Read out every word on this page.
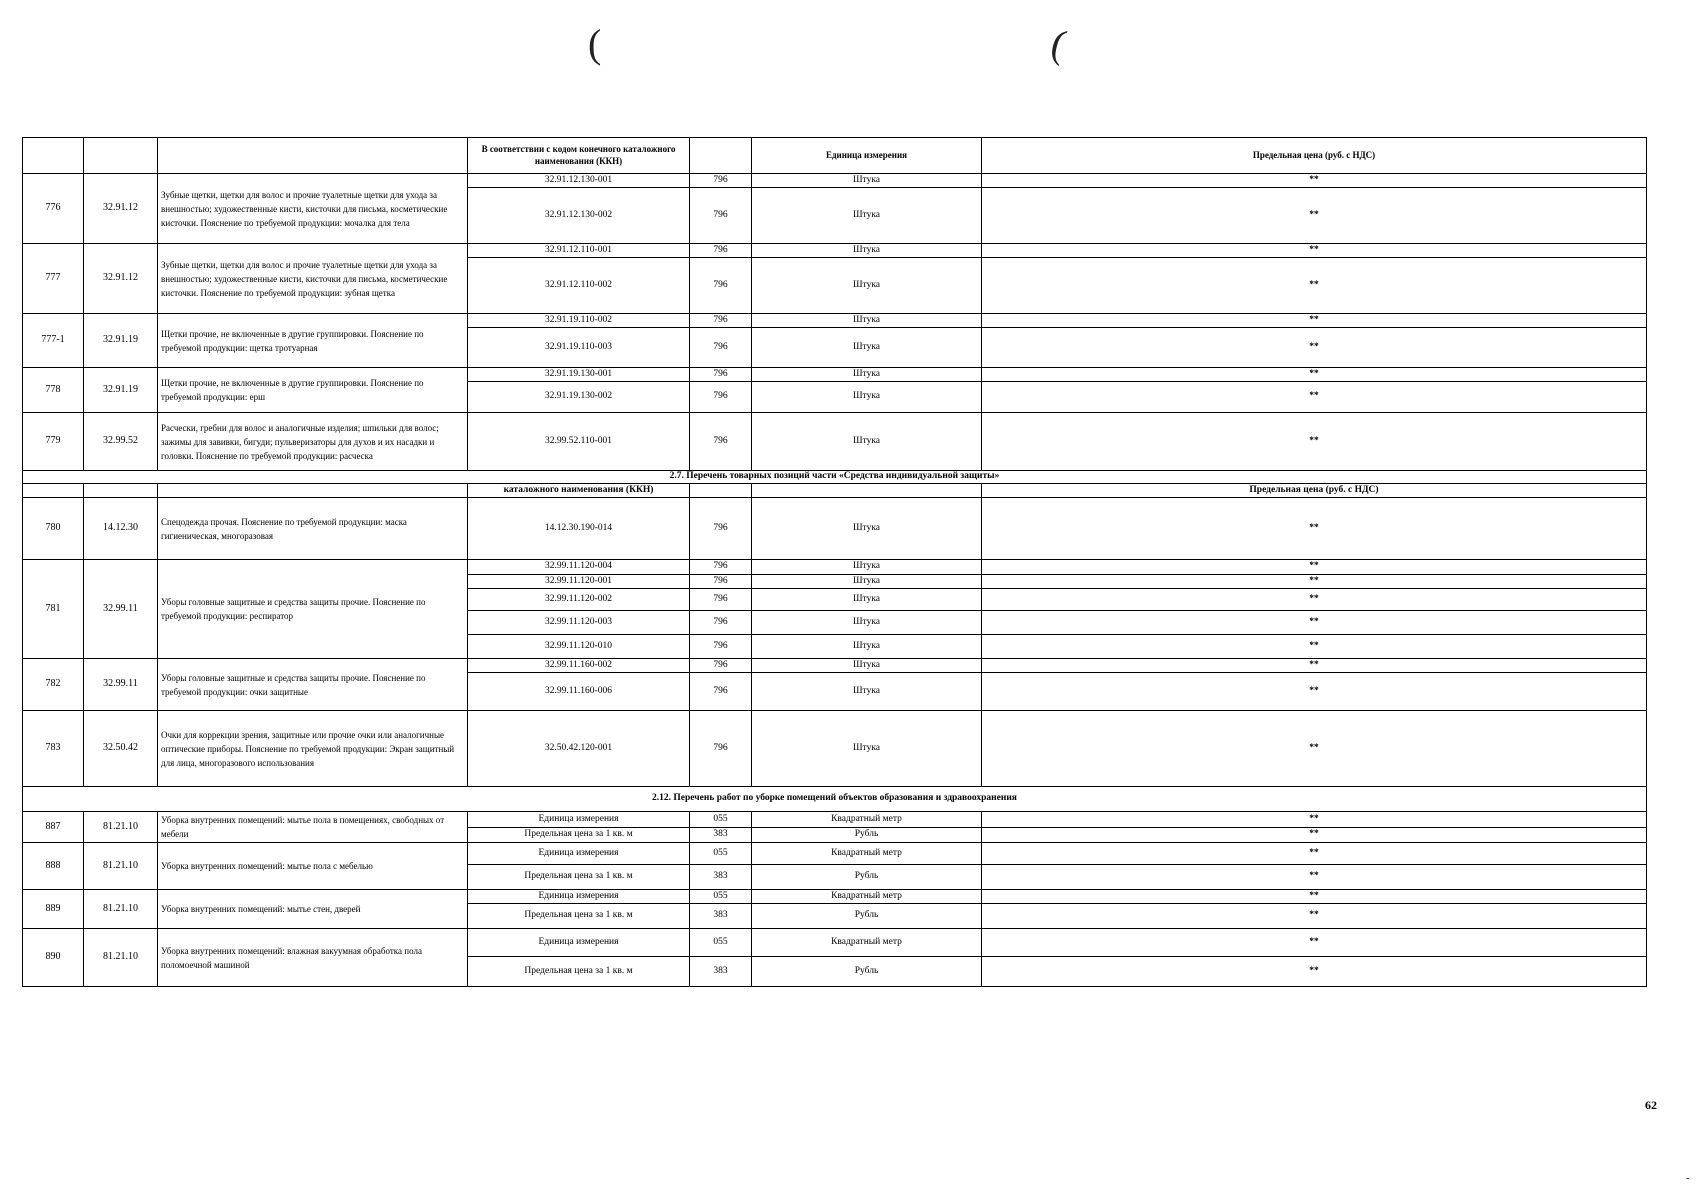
(	(
			В соответствии с кодом конечного каталожного наименования (ККН)		Единица измерения	Предельная цена (руб. с НДС)
776	32.91.12	Зубные щетки, щетки для волос и прочие туалетные щетки для ухода за внешностью; художественные кисти, кисточки для письма, косметические кисточки. Пояснение по требуемой продукции: мочалка для тела	32.91.12.130-001	796	Штука	**
			32.91.12.130-002	796	Штука	**
777	32.91.12	Зубные щетки, щетки для волос и прочие туалетные щетки для ухода за внешностью; художественные кисти, кисточки для письма, косметические кисточки. Пояснение по требуемой продукции: зубная щетка	32.91.12.110-001	796	Штука	**
			32.91.12.110-002	796	Штука	**
777-1	32.91.19	Щетки прочие, не включенные в другие группировки. Пояснение по требуемой продукции: щетка тротуарная	32.91.19.110-002	796	Штука	**
			32.91.19.110-003	796	Штука	**
778	32.91.19	Щетки прочие, не включенные в другие группировки. Пояснение по требуемой продукции: ерш	32.91.19.130-001	796	Штука	**
			32.91.19.130-002	796	Штука	**
779	32.99.52	Расчески, гребни для волос и аналогичные изделия; шпильки для волос; зажимы для завивки, бигуди; пульверизаторы для духов и их насадки и головки. Пояснение по требуемой продукции: расческа	32.99.52.110-001	796	Штука	**
2.7. Перечень товарных позиций части «Средства индивидуальной защиты»						
			каталожного наименования (ККН)			Предельная цена (руб. с НДС)
780	14.12.30	Спецодежда прочая. Пояснение по требуемой продукции: маска гигиеническая, многоразовая	14.12.30.190-014	796	Штука	**
781	32.99.11	Уборы головные защитные и средства защиты прочие. Пояснение по требуемой продукции: респиратор	32.99.11.120-004	796	Штука	**
			32.99.11.120-001	796	Штука	**
			32.99.11.120-002	796	Штука	**
			32.99.11.120-003	796	Штука	**
			32.99.11.120-010	796	Штука	**
782	32.99.11	Уборы головные защитные и средства защиты прочие. Пояснение по требуемой продукции: очки защитные	32.99.11.160-002	796	Штука	**
			32.99.11.160-006	796	Штука	**
783	32.50.42	Очки для коррекции зрения, защитные или прочие очки или аналогичные оптические приборы. Пояснение по требуемой продукции: Экран защитный для лица, многоразового использования	32.50.42.120-001	796	Штука	**
2.12. Перечень работ по уборке помещений объектов образования и здравоохранения						
887	81.21.10	Уборка внутренних помещений: мытье пола в помещениях, свободных от мебели	Единица измерения	055	Квадратный метр	**
			Предельная цена за 1 кв. м	383	Рубль	**
888	81.21.10	Уборка внутренних помещений: мытье пола с мебелью	Единица измерения	055	Квадратный метр	**
			Предельная цена за 1 кв. м	383	Рубль	**
889	81.21.10	Уборка внутренних помещений: мытье стен, дверей	Единица измерения	055	Квадратный метр	**
			Предельная цена за 1 кв. м	383	Рубль	**
890	81.21.10	Уборка внутренних помещений: влажная вакуумная обработка пола поломоечной машиной	Единица измерения	055	Квадратный метр	**
			Предельная цена за 1 кв. м	383	Рубль	**
62
-
